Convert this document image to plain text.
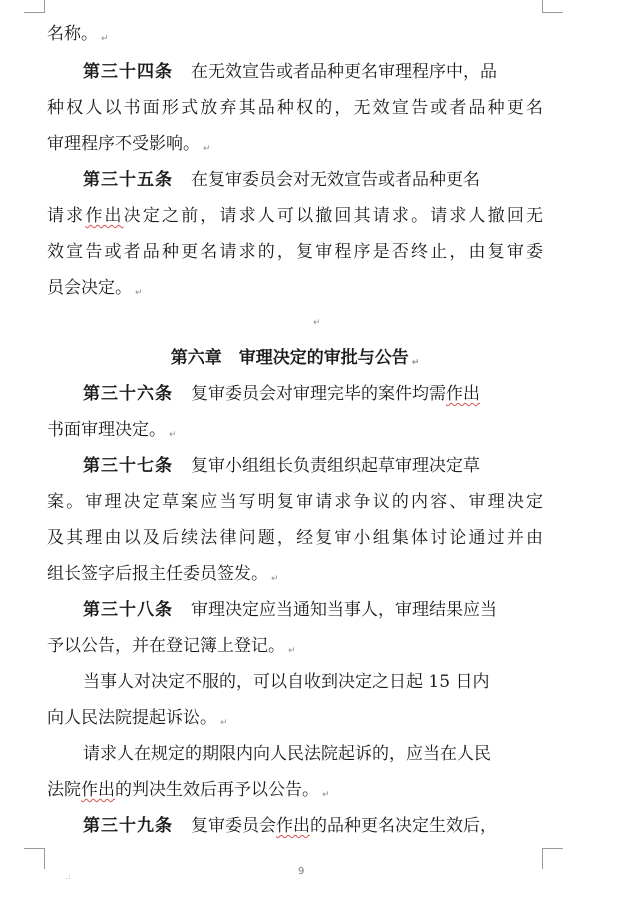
名称。 ↵
第三十四条 在无效宣告或者品种更名审理程序中，品
种权人以书面形式放弃其品种权的，无效宣告或者品种更名
审理程序不受影响。 ↵
第三十五条 在复审委员会对无效宣告或者品种更名
请求作出决定之前，请求人可以撤回其请求。请求人撤回无
效宣告或者品种更名请求的，复审程序是否终止，由复审委
员会决定。 ↵
↵
第六章　审理决定的审批与公告 ↵
第三十六条 复审委员会对审理完毕的案件均需作出
书面审理决定。 ↵
第三十七条 复审小组组长负责组织起草审理决定草
案。审理决定草案应当写明复审请求争议的内容、审理决定
及其理由以及后续法律问题，经复审小组集体讨论通过并由
组长签字后报主任委员签发。 ↵
第三十八条 审理决定应当通知当事人，审理结果应当
予以公告，并在登记簿上登记。 ↵
当事人对决定不服的，可以自收到决定之日起 15 日内
向人民法院提起诉讼。 ↵
请求人在规定的期限内向人民法院起诉的，应当在人民
法院作出的判决生效后再予以公告。 ↵
第三十九条 复审委员会作出的品种更名决定生效后，
9
.:
